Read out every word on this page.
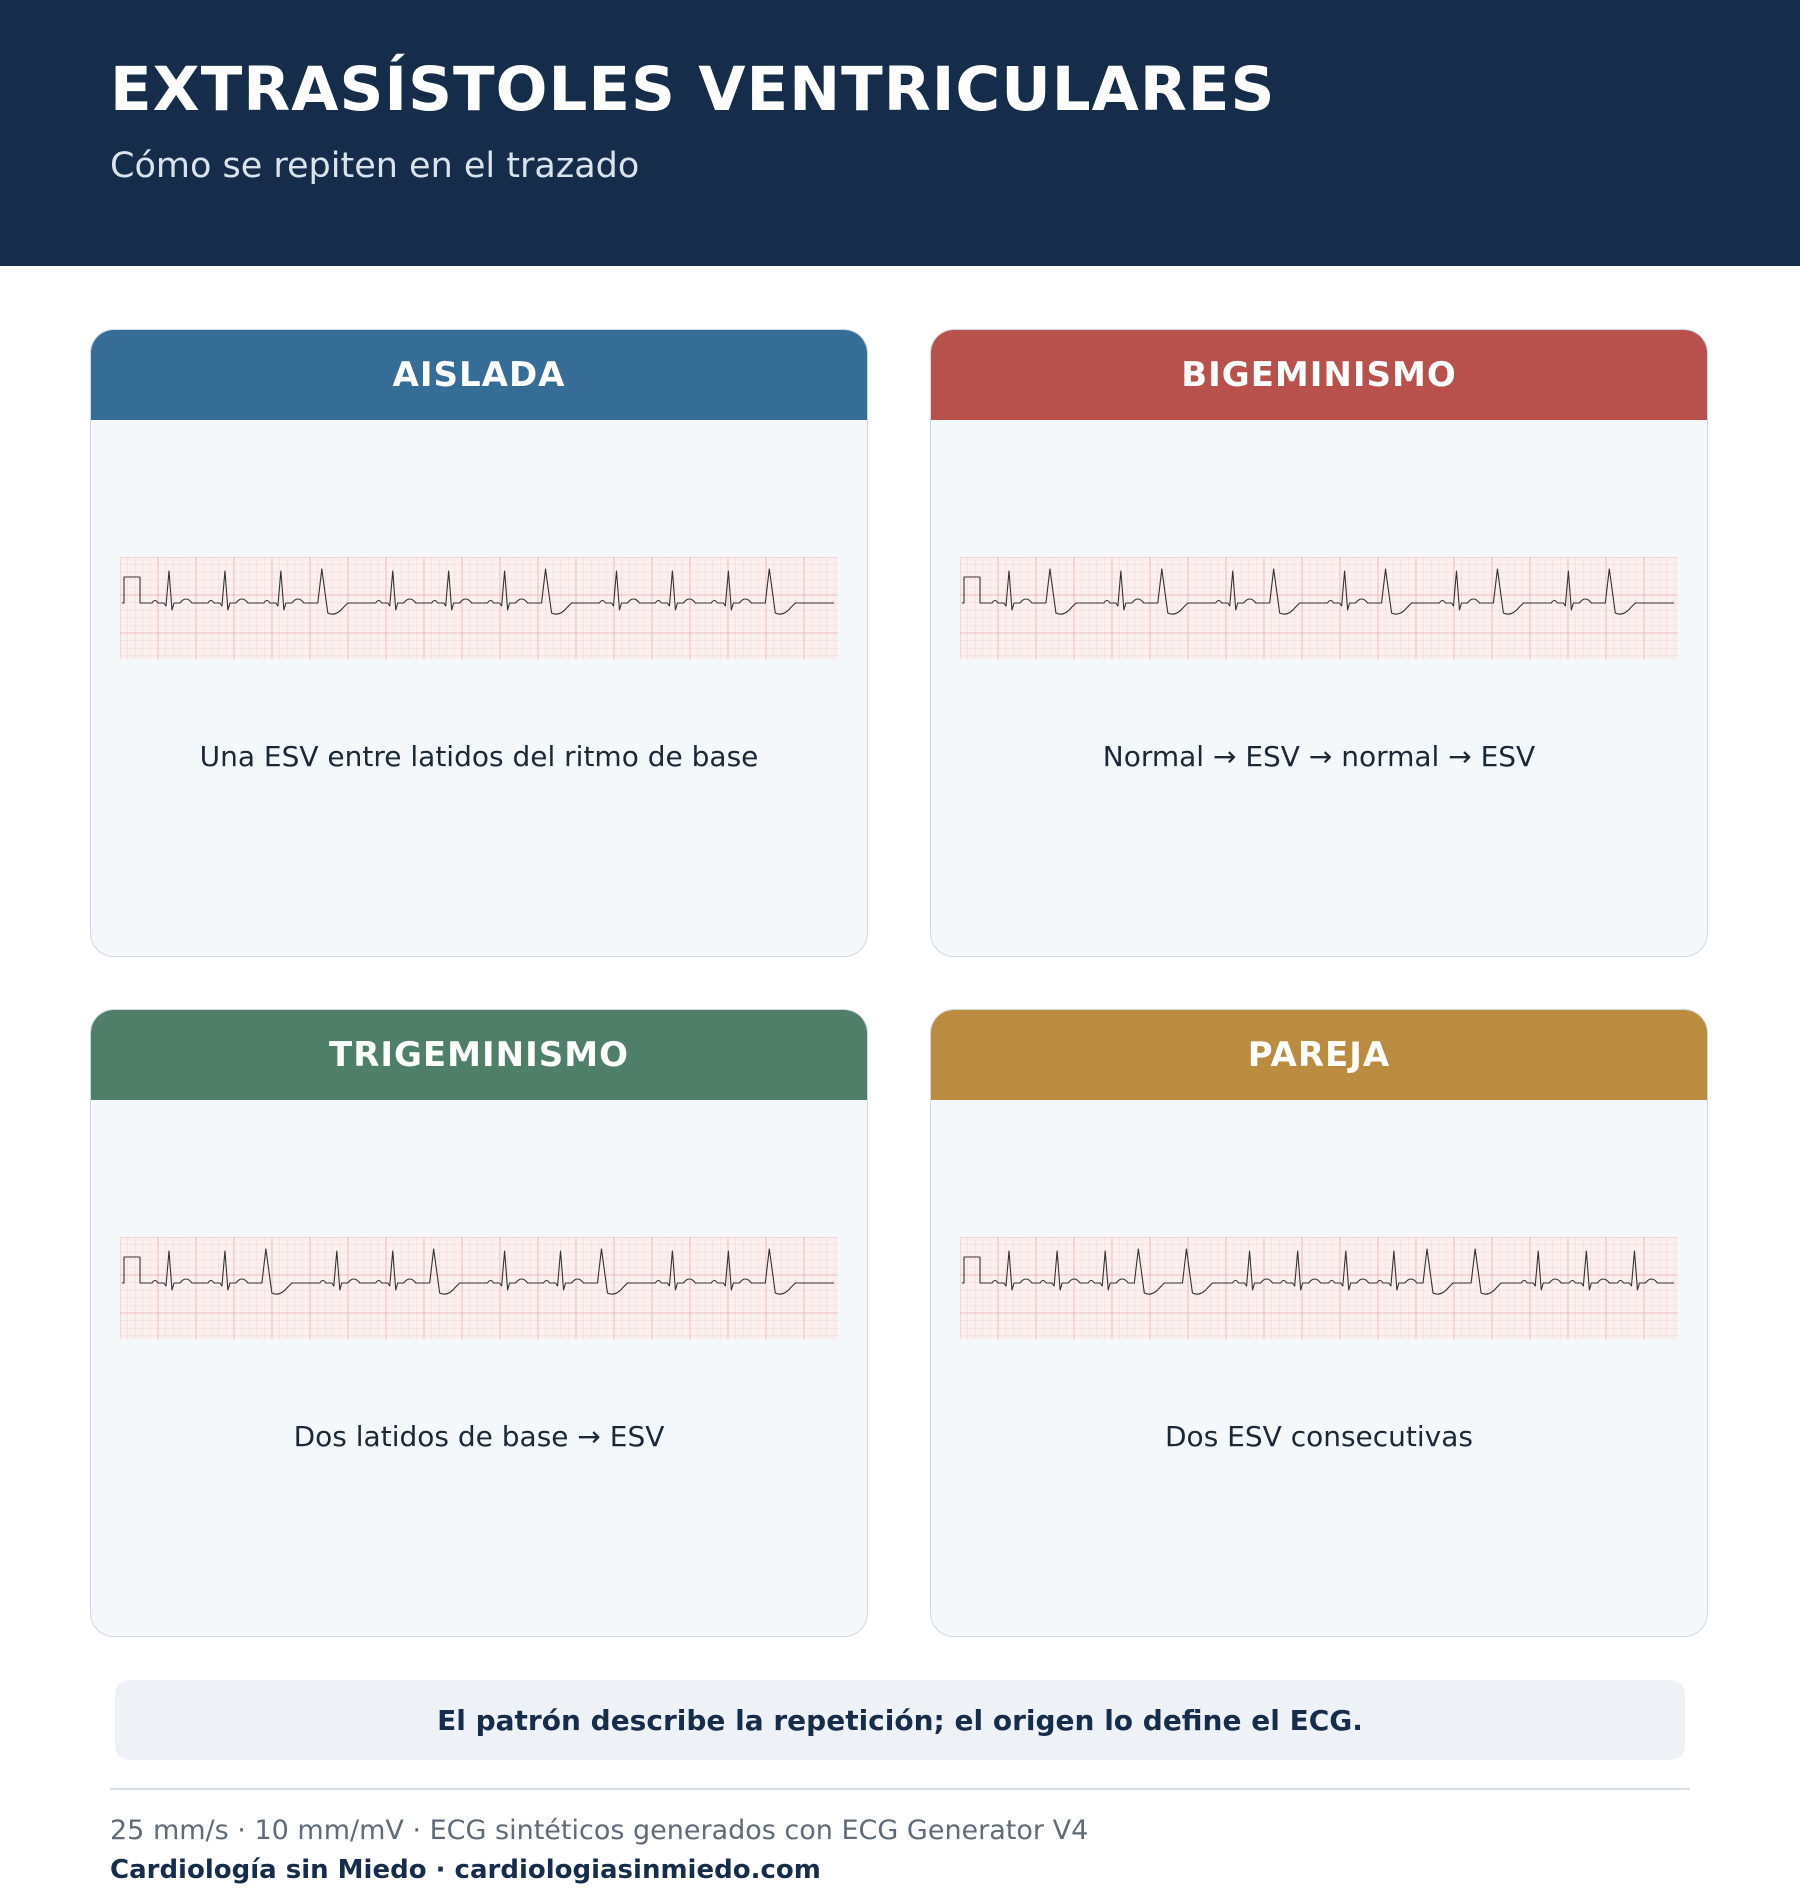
EXTRASÍSTOLES VENTRICULARES
Cómo se repiten en el trazado
AISLADA
Una ESV entre latidos del ritmo de base
BIGEMINISMO
Normal → ESV → normal → ESV
TRIGEMINISMO
Dos latidos de base → ESV
PAREJA
Dos ESV consecutivas
El patrón describe la repetición; el origen lo define el ECG.
25 mm/s · 10 mm/mV · ECG sintéticos generados con ECG Generator V4
Cardiología sin Miedo · cardiologiasinmiedo.com
